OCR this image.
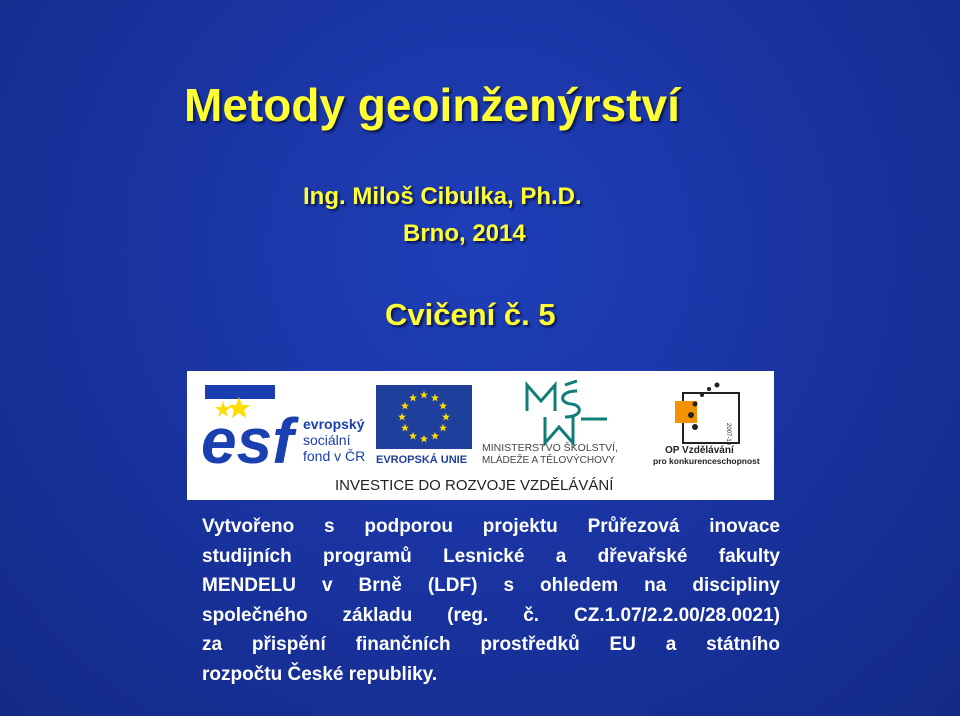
Metody geoinženýrství
Ing. Miloš Cibulka, Ph.D.
Brno, 2014
Cvičení č. 5
esf evropský
sociální
fond v ČR EVROPSKÁ UNIE
MINISTERSTVO ŠKOLSTVÍ,
MLÁDEŽE A TĚLOVÝCHOVY
2007-13
OP Vzdělávání
pro konkurenceschopnost
INVESTICE DO ROZVOJE VZDĚLÁVÁNÍ
Vytvořeno s podporou projektu Průřezová inovace
studijních programů Lesnické a dřevařské fakulty
MENDELU v Brně (LDF) s ohledem na discipliny
společného základu (reg. č. CZ.1.07/2.2.00/28.0021)
za přispění finančních prostředků EU a státního
rozpočtu České republiky.
